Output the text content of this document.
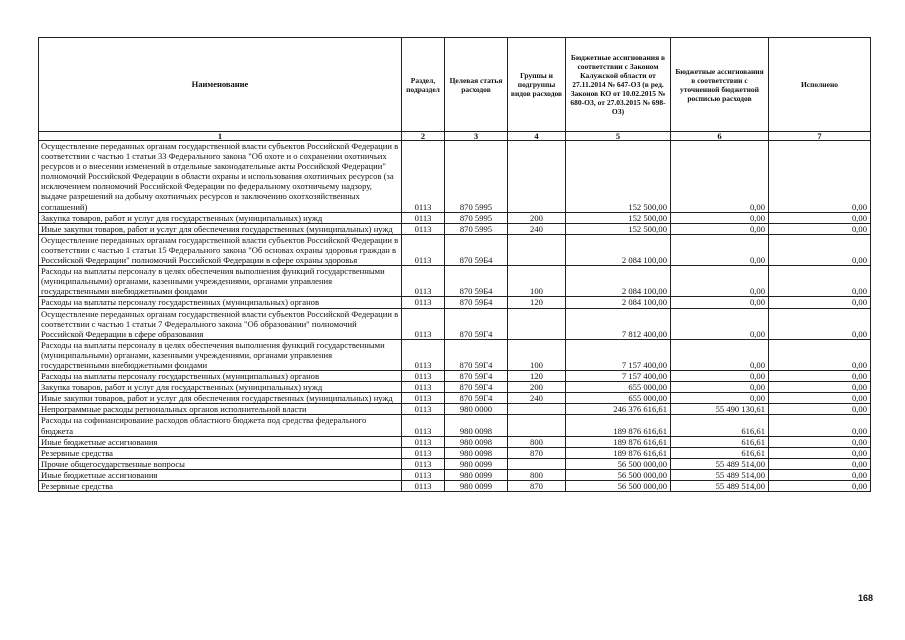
Наименование	Раздел, подраздел	Целевая статья расходов	Группы и подгруппы видов расходов	Бюджетные ассигнования в соответствии с Законом Калужской области от 27.11.2014 № 647-ОЗ (в ред. Законов КО от 10.02.2015 № 680-ОЗ, от 27.03.2015 № 698-ОЗ)	Бюджетные ассигнования в соответствии с уточненной бюджетной росписью расходов	Исполнено
1	2	3	4	5	6	7
Осуществление переданных органам государственной власти субъектов Российской Федерации в соответствии с частью 1 статьи 33 Федерального закона "Об охоте и о сохранении охотничьих ресурсов и о внесении изменений в отдельные законодательные акты Российской Федерации" полномочий Российской Федерации в области охраны и использования охотничьих ресурсов (за исключением полномочий Российской Федерации по федеральному охотничьему надзору, выдаче разрешений на добычу охотничьих ресурсов и заключению охотхозяйственных соглашений)	0113	870 5995		152 500,00	0,00	0,00
Закупка товаров, работ и услуг для государственных (муниципальных) нужд	0113	870 5995	200	152 500,00	0,00	0,00
Иные закупки товаров, работ и услуг для обеспечения государственных (муниципальных) нужд	0113	870 5995	240	152 500,00	0,00	0,00
Осуществление переданных органам государственной власти субъектов Российской Федерации в соответствии с частью 1 статьи 15 Федерального закона "Об основах охраны здоровья граждан в Российской Федерации" полномочий Российской Федерации в сфере охраны здоровья	0113	870 59Б4		2 084 100,00	0,00	0,00
Расходы на выплаты персоналу в целях обеспечения выполнения функций государственными (муниципальными) органами, казенными учреждениями, органами управления государственными внебюджетными фондами	0113	870 59Б4	100	2 084 100,00	0,00	0,00
Расходы на выплаты персоналу государственных (муниципальных) органов	0113	870 59Б4	120	2 084 100,00	0,00	0,00
Осуществление переданных органам государственной власти субъектов Российской Федерации в соответствии с частью 1 статьи 7 Федерального закона "Об образовании" полномочий Российской Федерации в сфере образования	0113	870 59Г4		7 812 400,00	0,00	0,00
Расходы на выплаты персоналу в целях обеспечения выполнения функций государственными (муниципальными) органами, казенными учреждениями, органами управления государственными внебюджетными фондами	0113	870 59Г4	100	7 157 400,00	0,00	0,00
Расходы на выплаты персоналу государственных (муниципальных) органов	0113	870 59Г4	120	7 157 400,00	0,00	0,00
Закупка товаров, работ и услуг для государственных (муниципальных) нужд	0113	870 59Г4	200	655 000,00	0,00	0,00
Иные закупки товаров, работ и услуг для обеспечения государственных (муниципальных) нужд	0113	870 59Г4	240	655 000,00	0,00	0,00
Непрограммные расходы региональных органов исполнительной власти	0113	980 0000		246 376 616,61	55 490 130,61	0,00
Расходы на софинансирование расходов областного бюджета под средства федерального бюджета	0113	980 0098		189 876 616,61	616,61	0,00
Иные бюджетные ассигнования	0113	980 0098	800	189 876 616,61	616,61	0,00
Резервные средства	0113	980 0098	870	189 876 616,61	616,61	0,00
Прочие общегосударственные вопросы	0113	980 0099		56 500 000,00	55 489 514,00	0,00
Иные бюджетные ассигнования	0113	980 0099	800	56 500 000,00	55 489 514,00	0,00
Резервные средства	0113	980 0099	870	56 500 000,00	55 489 514,00	0,00
168
